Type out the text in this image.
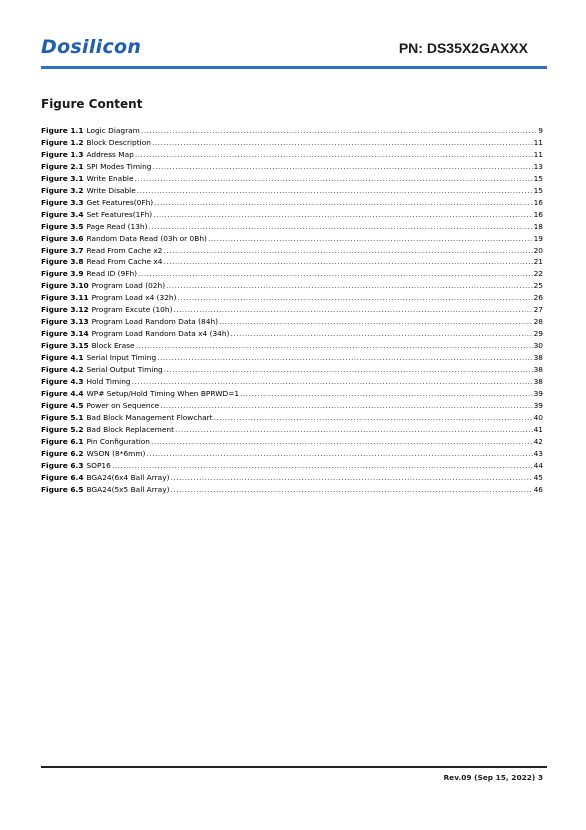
Dosilicon	PN: DS35X2GAXXX
Figure Content
Figure 1.1 Logic Diagram .....	9
Figure 1.2 Block Description .....	11
Figure 1.3 Address Map .....	11
Figure 2.1 SPI Modes Timing .....	13
Figure 3.1 Write Enable .....	15
Figure 3.2 Write Disable .....	15
Figure 3.3 Get Features(0Fh) .....	16
Figure 3.4 Set Features(1Fh) .....	16
Figure 3.5 Page Read (13h) .....	18
Figure 3.6 Random Data Read (03h or 0Bh) .....	19
Figure 3.7 Read From Cache x2 .....	20
Figure 3.8 Read From Cache x4 .....	21
Figure 3.9 Read ID (9Fh) .....	22
Figure 3.10 Program Load (02h) .....	25
Figure 3.11 Program Load x4 (32h) .....	26
Figure 3.12 Program Excute (10h) .....	27
Figure 3.13 Program Load Random Data (84h) .....	28
Figure 3.14 Program Load Random Data x4 (34h) .....	29
Figure 3.15 Block Erase .....	30
Figure 4.1 Serial Input Timing .....	38
Figure 4.2 Serial Output Timing .....	38
Figure 4.3 Hold Timing .....	38
Figure 4.4 WP# Setup/Hold Timing When BPRWD=1 .....	39
Figure 4.5 Power on Sequence .....	39
Figure 5.1 Bad Block Management Flowchart .....	40
Figure 5.2 Bad Block Replacement .....	41
Figure 6.1 Pin Configuration .....	42
Figure 6.2 WSON (8*6mm) .....	43
Figure 6.3 SOP16 .....	44
Figure 6.4 BGA24(6x4 Ball Array) .....	45
Figure 6.5 BGA24(5x5 Ball Array) .....	46
Rev.09 (Sep 15, 2022) 3
